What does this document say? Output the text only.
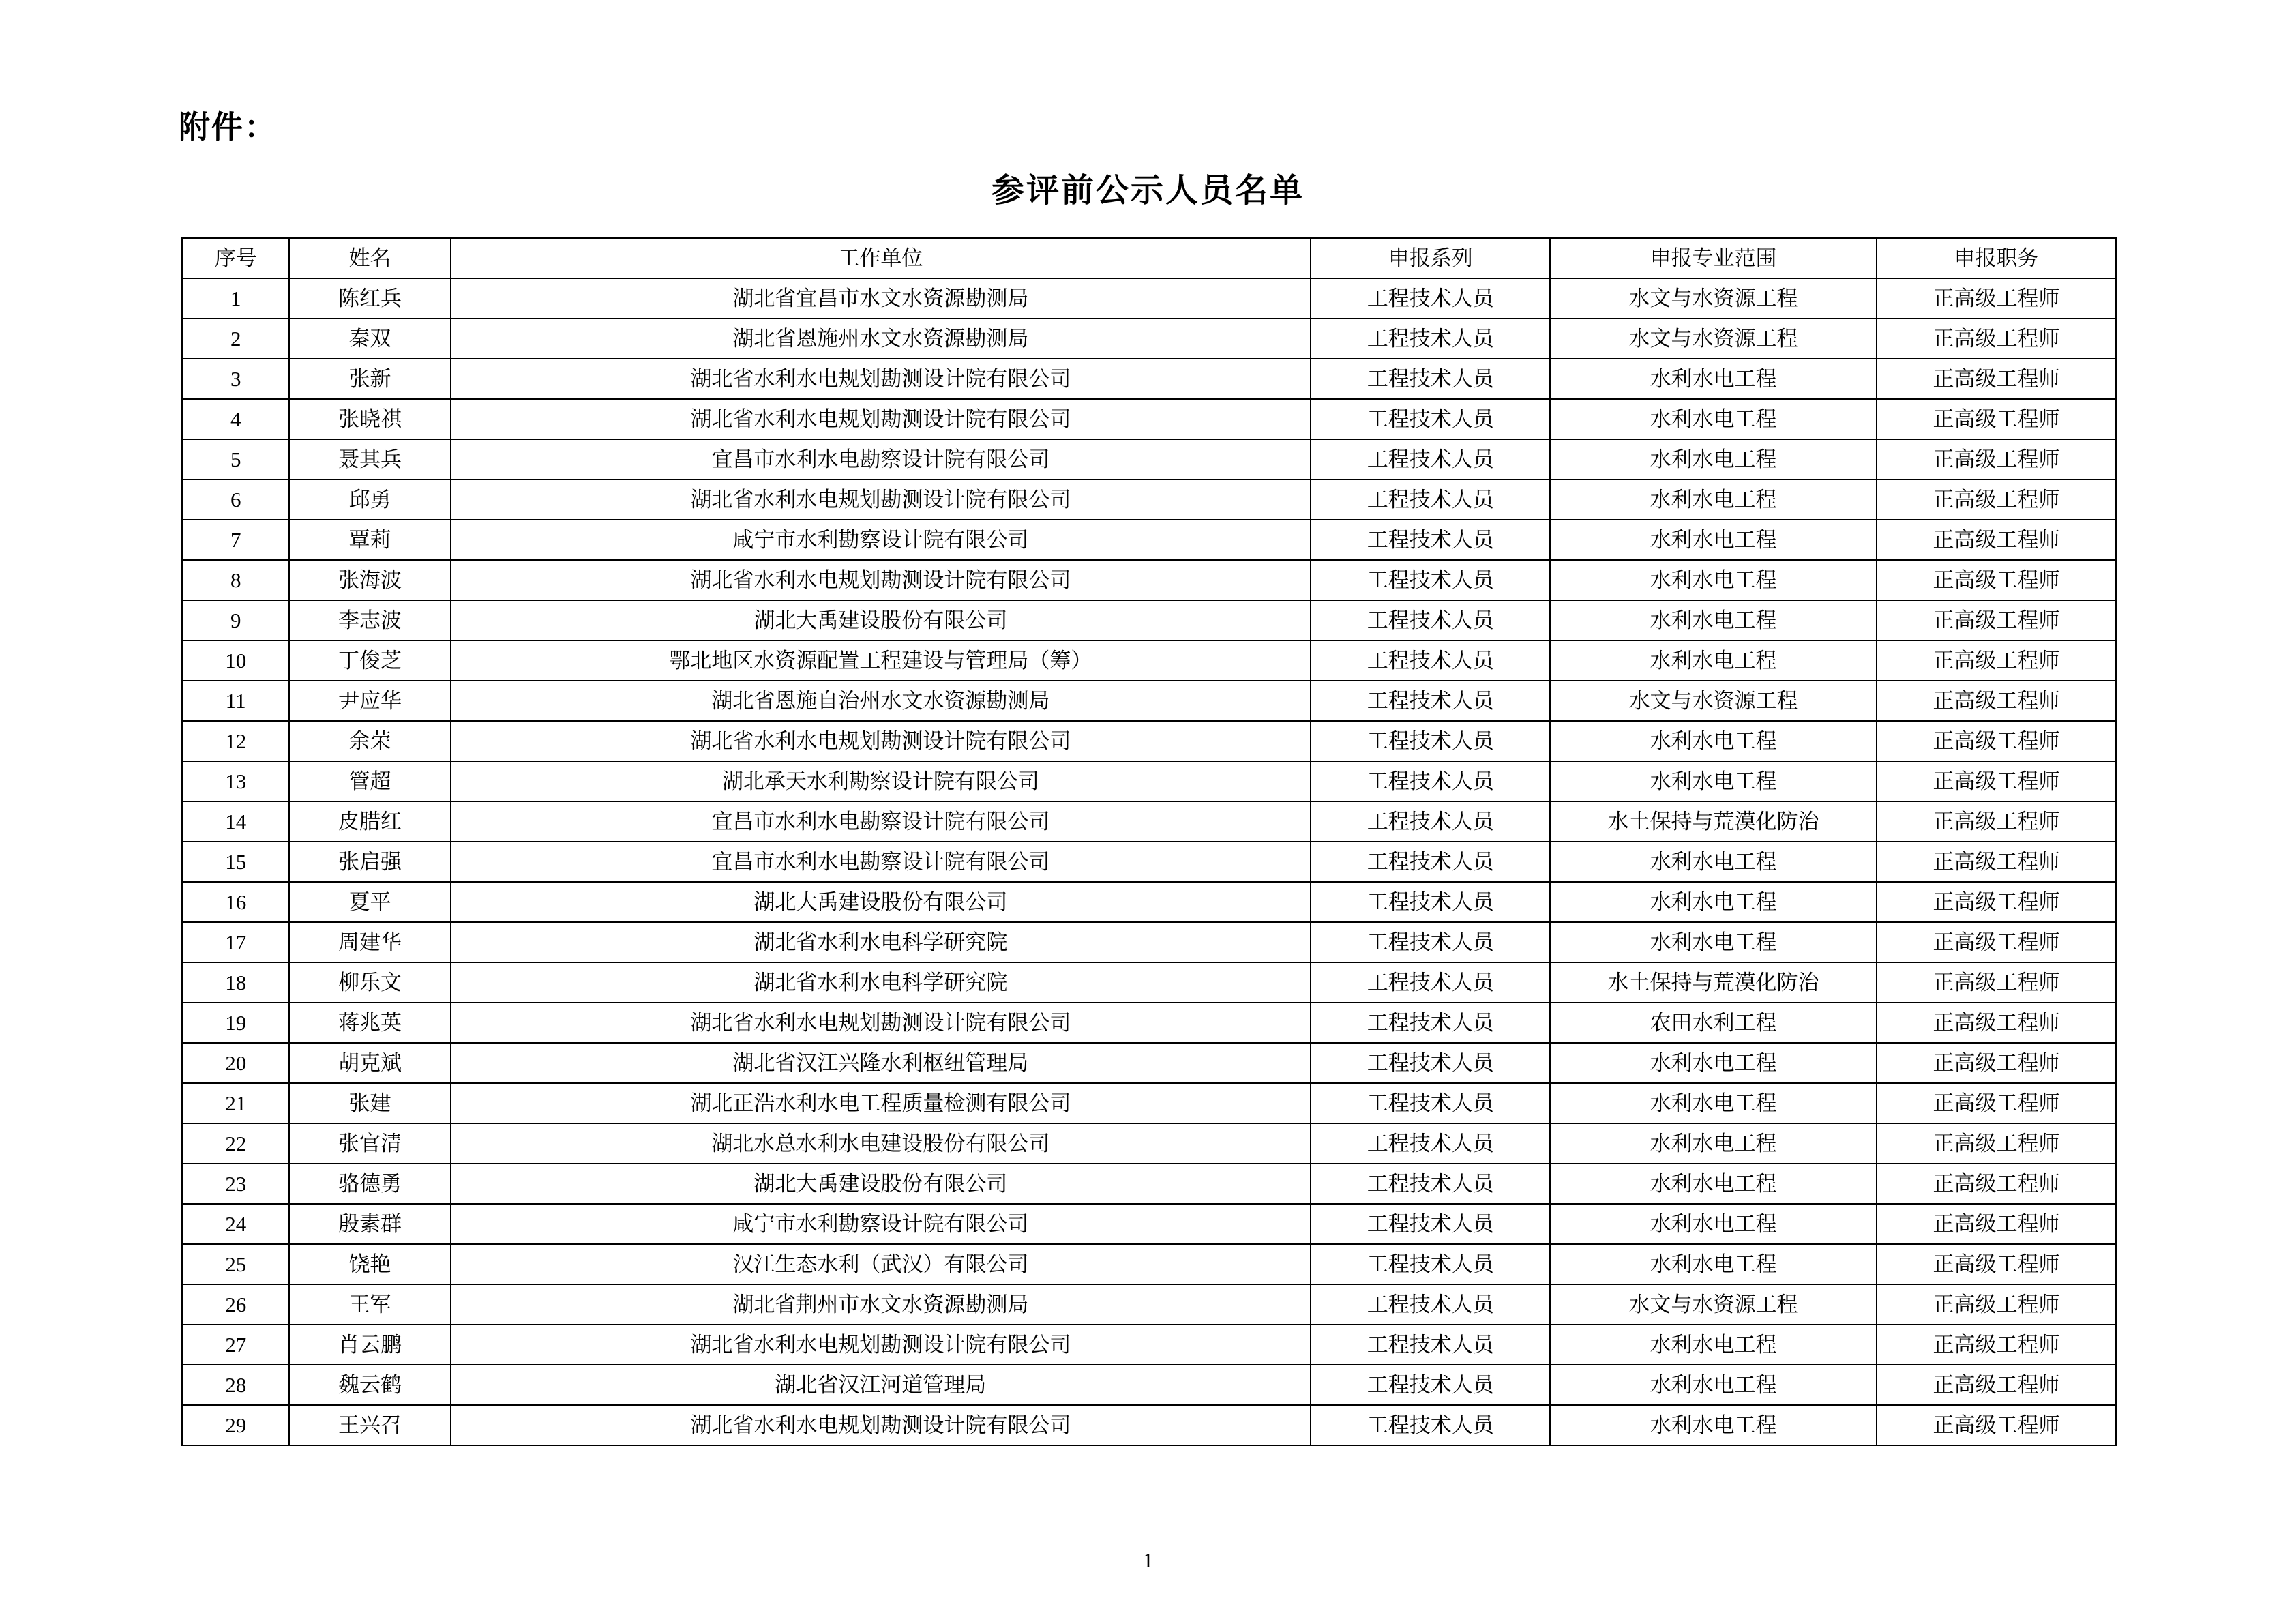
附件：
参评前公示人员名单
序号	姓名	工作单位	申报系列	申报专业范围	申报职务
1	陈红兵	湖北省宜昌市水文水资源勘测局	工程技术人员	水文与水资源工程	正高级工程师
2	秦双	湖北省恩施州水文水资源勘测局	工程技术人员	水文与水资源工程	正高级工程师
3	张新	湖北省水利水电规划勘测设计院有限公司	工程技术人员	水利水电工程	正高级工程师
4	张晓祺	湖北省水利水电规划勘测设计院有限公司	工程技术人员	水利水电工程	正高级工程师
5	聂其兵	宜昌市水利水电勘察设计院有限公司	工程技术人员	水利水电工程	正高级工程师
6	邱勇	湖北省水利水电规划勘测设计院有限公司	工程技术人员	水利水电工程	正高级工程师
7	覃莉	咸宁市水利勘察设计院有限公司	工程技术人员	水利水电工程	正高级工程师
8	张海波	湖北省水利水电规划勘测设计院有限公司	工程技术人员	水利水电工程	正高级工程师
9	李志波	湖北大禹建设股份有限公司	工程技术人员	水利水电工程	正高级工程师
10	丁俊芝	鄂北地区水资源配置工程建设与管理局（筹）	工程技术人员	水利水电工程	正高级工程师
11	尹应华	湖北省恩施自治州水文水资源勘测局	工程技术人员	水文与水资源工程	正高级工程师
12	余荣	湖北省水利水电规划勘测设计院有限公司	工程技术人员	水利水电工程	正高级工程师
13	管超	湖北承天水利勘察设计院有限公司	工程技术人员	水利水电工程	正高级工程师
14	皮腊红	宜昌市水利水电勘察设计院有限公司	工程技术人员	水土保持与荒漠化防治	正高级工程师
15	张启强	宜昌市水利水电勘察设计院有限公司	工程技术人员	水利水电工程	正高级工程师
16	夏平	湖北大禹建设股份有限公司	工程技术人员	水利水电工程	正高级工程师
17	周建华	湖北省水利水电科学研究院	工程技术人员	水利水电工程	正高级工程师
18	柳乐文	湖北省水利水电科学研究院	工程技术人员	水土保持与荒漠化防治	正高级工程师
19	蒋兆英	湖北省水利水电规划勘测设计院有限公司	工程技术人员	农田水利工程	正高级工程师
20	胡克斌	湖北省汉江兴隆水利枢纽管理局	工程技术人员	水利水电工程	正高级工程师
21	张建	湖北正浩水利水电工程质量检测有限公司	工程技术人员	水利水电工程	正高级工程师
22	张官清	湖北水总水利水电建设股份有限公司	工程技术人员	水利水电工程	正高级工程师
23	骆德勇	湖北大禹建设股份有限公司	工程技术人员	水利水电工程	正高级工程师
24	殷素群	咸宁市水利勘察设计院有限公司	工程技术人员	水利水电工程	正高级工程师
25	饶艳	汉江生态水利（武汉）有限公司	工程技术人员	水利水电工程	正高级工程师
26	王军	湖北省荆州市水文水资源勘测局	工程技术人员	水文与水资源工程	正高级工程师
27	肖云鹏	湖北省水利水电规划勘测设计院有限公司	工程技术人员	水利水电工程	正高级工程师
28	魏云鹤	湖北省汉江河道管理局	工程技术人员	水利水电工程	正高级工程师
29	王兴召	湖北省水利水电规划勘测设计院有限公司	工程技术人员	水利水电工程	正高级工程师
1
